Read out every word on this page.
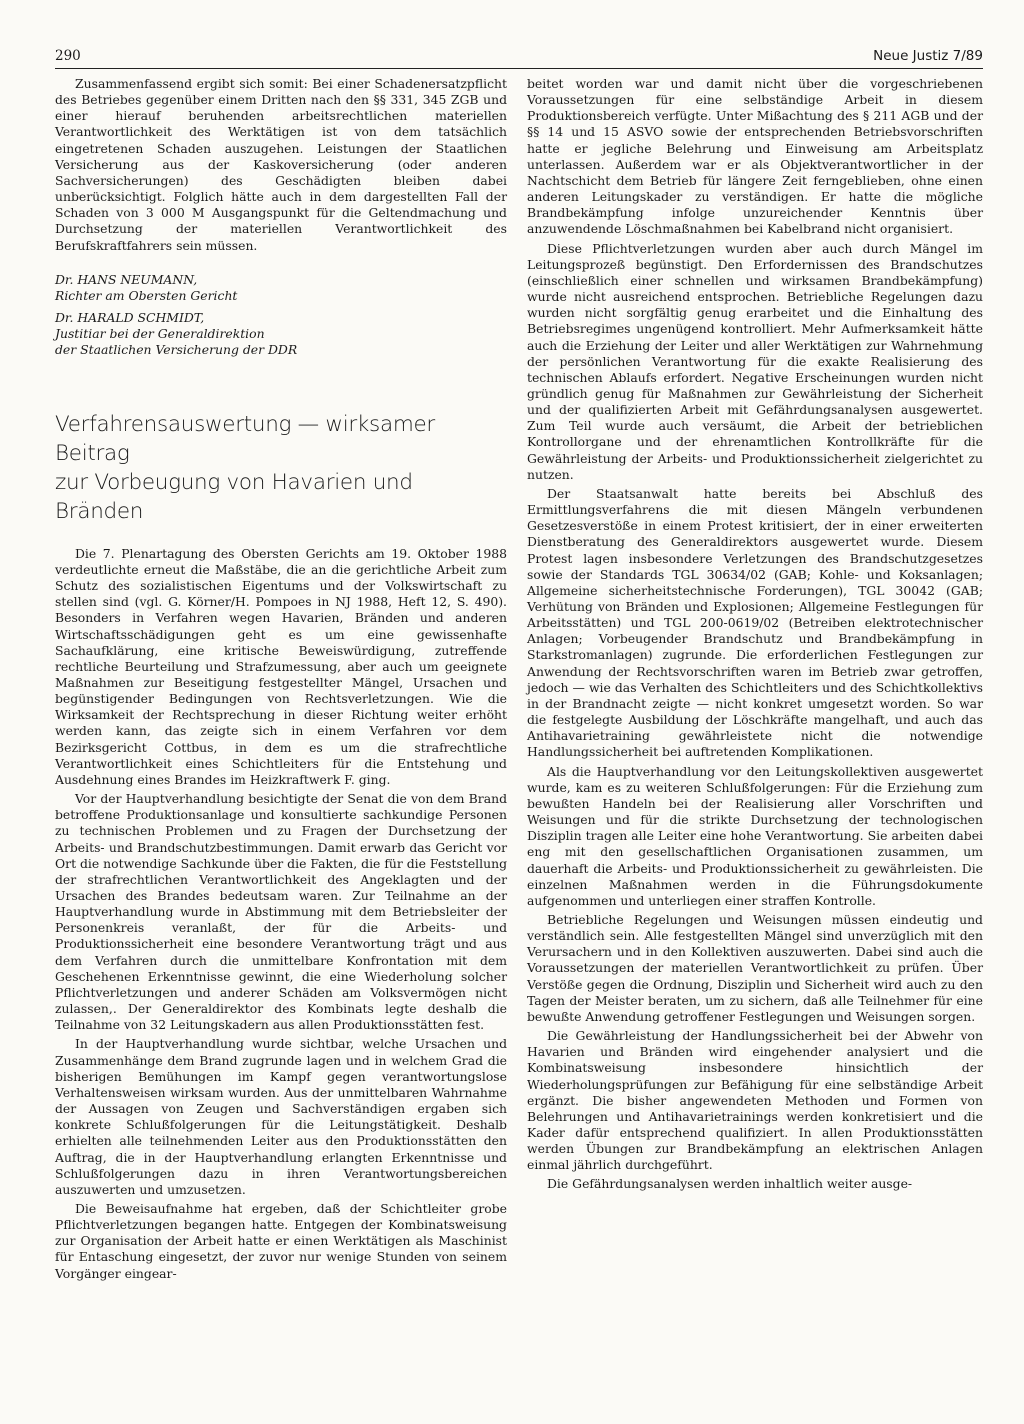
290	Neue Justiz 7/89

Zusammenfassend ergibt sich somit: Bei einer Schadenersatzpflicht des Betriebes gegenüber einem Dritten nach den §§ 331, 345 ZGB und einer hierauf beruhenden arbeitsrechtlichen materiellen Verantwortlichkeit des Werktätigen ist von dem tatsächlich eingetretenen Schaden auszugehen. Leistungen der Staatlichen Versicherung aus der Kaskoversicherung (oder anderen Sachversicherungen) des Geschädigten bleiben dabei unberücksichtigt. Folglich hätte auch in dem dargestellten Fall der Schaden von 3 000 M Ausgangspunkt für die Geltendmachung und Durchsetzung der materiellen Verantwortlichkeit des Berufskraftfahrers sein müssen.

Dr. HANS NEUMANN,
Richter am Obersten Gericht
Dr. HARALD SCHMIDT,
Justitiar bei der Generaldirektion
der Staatlichen Versicherung der DDR
Verfahrensauswertung — wirksamer Beitrag
zur Vorbeugung von Havarien und Bränden

Die 7. Plenartagung des Obersten Gerichts am 19. Oktober 1988 verdeutlichte erneut die Maßstäbe, die an die gerichtliche Arbeit zum Schutz des sozialistischen Eigentums und der Volkswirtschaft zu stellen sind (vgl. G. Körner/H. Pompoes in NJ 1988, Heft 12, S. 490). Besonders in Verfahren wegen Havarien, Bränden und anderen Wirtschaftsschädigungen geht es um eine gewissenhafte Sachaufklärung, eine kritische Beweiswürdigung, zutreffende rechtliche Beurteilung und Strafzumessung, aber auch um geeignete Maßnahmen zur Beseitigung festgestellter Mängel, Ursachen und begünstigender Bedingungen von Rechtsverletzungen. Wie die Wirksamkeit der Rechtsprechung in dieser Richtung weiter erhöht werden kann, das zeigte sich in einem Verfahren vor dem Bezirksgericht Cottbus, in dem es um die strafrechtliche Verantwortlichkeit eines Schichtleiters für die Entstehung und Ausdehnung eines Brandes im Heizkraftwerk F. ging.

Vor der Hauptverhandlung besichtigte der Senat die von dem Brand betroffene Produktionsanlage und konsultierte sachkundige Personen zu technischen Problemen und zu Fragen der Durchsetzung der Arbeits- und Brandschutzbestimmungen. Damit erwarb das Gericht vor Ort die notwendige Sachkunde über die Fakten, die für die Feststellung der strafrechtlichen Verantwortlichkeit des Angeklagten und der Ursachen des Brandes bedeutsam waren. Zur Teilnahme an der Hauptverhandlung wurde in Abstimmung mit dem Betriebsleiter der Personenkreis veranlaßt, der für die Arbeits- und Produktionssicherheit eine besondere Verantwortung trägt und aus dem Verfahren durch die unmittelbare Konfrontation mit dem Geschehenen Erkenntnisse gewinnt, die eine Wiederholung solcher Pflichtverletzungen und anderer Schäden am Volksvermögen nicht zulassen,. Der Generaldirektor des Kombinats legte deshalb die Teilnahme von 32 Leitungskadern aus allen Produktionsstätten fest.

In der Hauptverhandlung wurde sichtbar, welche Ursachen und Zusammenhänge dem Brand zugrunde lagen und in welchem Grad die bisherigen Bemühungen im Kampf gegen verantwortungslose Verhaltensweisen wirksam wurden. Aus der unmittelbaren Wahrnahme der Aussagen von Zeugen und Sachverständigen ergaben sich konkrete Schlußfolgerungen für die Leitungstätigkeit. Deshalb erhielten alle teilnehmenden Leiter aus den Produktionsstätten den Auftrag, die in der Hauptverhandlung erlangten Erkenntnisse und Schlußfolgerungen dazu in ihren Verantwortungsbereichen auszuwerten und umzusetzen.

Die Beweisaufnahme hat ergeben, daß der Schichtleiter grobe Pflichtverletzungen begangen hatte. Entgegen der Kombinatsweisung zur Organisation der Arbeit hatte er einen Werktätigen als Maschinist für Entaschung eingesetzt, der zuvor nur wenige Stunden von seinem Vorgänger eingear-

beitet worden war und damit nicht über die vorgeschriebenen Voraussetzungen für eine selbständige Arbeit in diesem Produktionsbereich verfügte. Unter Mißachtung des § 211 AGB und der §§ 14 und 15 ASVO sowie der entsprechenden Betriebsvorschriften hatte er jegliche Belehrung und Einweisung am Arbeitsplatz unterlassen. Außerdem war er als Objektverantwortlicher in der Nachtschicht dem Betrieb für längere Zeit ferngeblieben, ohne einen anderen Leitungskader zu verständigen. Er hatte die mögliche Brandbekämpfung infolge unzureichender Kenntnis über anzuwendende Löschmaßnahmen bei Kabelbrand nicht organisiert.

Diese Pflichtverletzungen wurden aber auch durch Mängel im Leitungsprozeß begünstigt. Den Erfordernissen des Brandschutzes (einschließlich einer schnellen und wirksamen Brandbekämpfung) wurde nicht ausreichend entsprochen. Betriebliche Regelungen dazu wurden nicht sorgfältig genug erarbeitet und die Einhaltung des Betriebsregimes ungenügend kontrolliert. Mehr Aufmerksamkeit hätte auch die Erziehung der Leiter und aller Werktätigen zur Wahrnehmung der persönlichen Verantwortung für die exakte Realisierung des technischen Ablaufs erfordert. Negative Erscheinungen wurden nicht gründlich genug für Maßnahmen zur Gewährleistung der Sicherheit und der qualifizierten Arbeit mit Gefährdungsanalysen ausgewertet. Zum Teil wurde auch versäumt, die Arbeit der betrieblichen Kontrollorgane und der ehrenamtlichen Kontrollkräfte für die Gewährleistung der Arbeits- und Produktionssicherheit zielgerichtet zu nutzen.

Der Staatsanwalt hatte bereits bei Abschluß des Ermittlungsverfahrens die mit diesen Mängeln verbundenen Gesetzesverstöße in einem Protest kritisiert, der in einer erweiterten Dienstberatung des Generaldirektors ausgewertet wurde. Diesem Protest lagen insbesondere Verletzungen des Brandschutzgesetzes sowie der Standards TGL 30634/02 (GAB; Kohle- und Koksanlagen; Allgemeine sicherheitstechnische Forderungen), TGL 30042 (GAB; Verhütung von Bränden und Explosionen; Allgemeine Festlegungen für Arbeitsstätten) und TGL 200-0619/02 (Betreiben elektrotechnischer Anlagen; Vorbeugender Brandschutz und Brandbekämpfung in Starkstromanlagen) zugrunde. Die erforderlichen Festlegungen zur Anwendung der Rechtsvorschriften waren im Betrieb zwar getroffen, jedoch — wie das Verhalten des Schichtleiters und des Schichtkollektivs in der Brandnacht zeigte — nicht konkret umgesetzt worden. So war die festgelegte Ausbildung der Löschkräfte mangelhaft, und auch das Antihavarietraining gewährleistete nicht die notwendige Handlungssicherheit bei auftretenden Komplikationen.

Als die Hauptverhandlung vor den Leitungskollektiven ausgewertet wurde, kam es zu weiteren Schlußfolgerungen: Für die Erziehung zum bewußten Handeln bei der Realisierung aller Vorschriften und Weisungen und für die strikte Durchsetzung der technologischen Disziplin tragen alle Leiter eine hohe Verantwortung. Sie arbeiten dabei eng mit den gesellschaftlichen Organisationen zusammen, um dauerhaft die Arbeits- und Produktionssicherheit zu gewährleisten. Die einzelnen Maßnahmen werden in die Führungsdokumente aufgenommen und unterliegen einer straffen Kontrolle.

Betriebliche Regelungen und Weisungen müssen eindeutig und verständlich sein. Alle festgestellten Mängel sind unverzüglich mit den Verursachern und in den Kollektiven auszuwerten. Dabei sind auch die Voraussetzungen der materiellen Verantwortlichkeit zu prüfen. Über Verstöße gegen die Ordnung, Disziplin und Sicherheit wird auch zu den Tagen der Meister beraten, um zu sichern, daß alle Teilnehmer für eine bewußte Anwendung getroffener Festlegungen und Weisungen sorgen.

Die Gewährleistung der Handlungssicherheit bei der Abwehr von Havarien und Bränden wird eingehender analysiert und die Kombinatsweisung insbesondere hinsichtlich der Wiederholungsprüfungen zur Befähigung für eine selbständige Arbeit ergänzt. Die bisher angewendeten Methoden und Formen von Belehrungen und Antihavarietrainings werden konkretisiert und die Kader dafür entsprechend qualifiziert. In allen Produktionsstätten werden Übungen zur Brandbekämpfung an elektrischen Anlagen einmal jährlich durchgeführt.

Die Gefährdungsanalysen werden inhaltlich weiter ausge-
